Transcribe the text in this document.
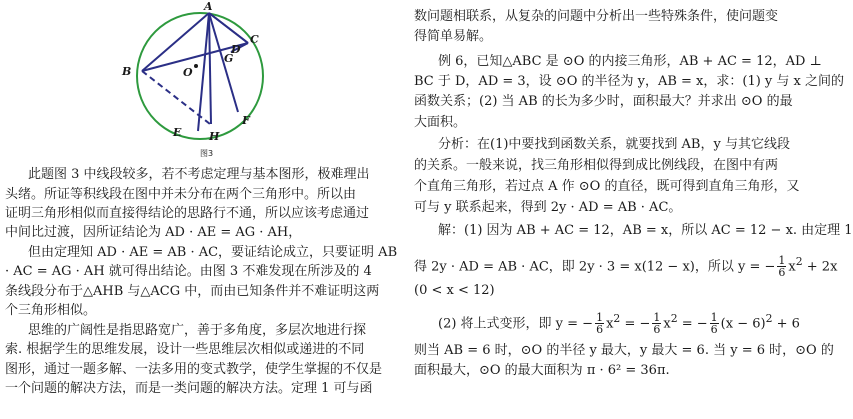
A
B
C
D
O
G
E	H
F
图3
此题图 3 中线段较多，若不考虑定理与基本图形，极难理出
头绪。所证等积线段在图中并未分布在两个三角形中。所以由
证明三角形相似而直接得结论的思路行不通，所以应该考虑通过
中间比过渡，因所证结论为 AD · AE = AG · AH，
但由定理知 AD · AE = AB · AC，要证结论成立，只要证明 AB
· AC = AG · AH 就可得出结论。由图 3 不难发现在所涉及的 4
条线段分布于△AHB 与△ACG 中，而由已知条件并不难证明这两
个三角形相似。
思维的广阔性是指思路宽广，善于多角度，多层次地进行探
索. 根据学生的思维发展，设计一些思维层次相似或递进的不同
图形，通过一题多解、一法多用的变式教学，使学生掌握的不仅是
一个问题的解决方法，而是一类问题的解决方法。定理 1 可与函
数问题相联系，从复杂的问题中分析出一些特殊条件，使问题变
得简单易解。
例 6，已知△ABC 是 ⊙O 的内接三角形，AB + AC = 12，AD ⊥
BC 于 D，AD = 3，设 ⊙O 的半径为 y，AB = x，求：(1) y 与 x 之间的
函数关系；(2) 当 AB 的长为多少时，面积最大？并求出 ⊙O 的最
大面积。
分析：在(1)中要找到函数关系，就要找到 AB，y 与其它线段
的关系。一般来说，找三角形相似得到成比例线段，在图中有两
个直角三角形，若过点 A 作 ⊙O 的直径，既可得到直角三角形，又
可与 y 联系起来，得到 2y · AD = AB · AC。
解：(1) 因为 AB + AC = 12，AB = x，所以 AC = 12 − x. 由定理 1
得 2y · AD = AB · AC，即 2y · 3 = x(12 − x)，所以 y = − $\frac{1}{6} x^2 + 2x$
(0 < x < 12)
(2) 将上式变形，即 y = − $\frac{1}{6} x^2$ = − $\frac{1}{6} x^2$ = − $\frac{1}{6} (x - 6)^2 + 6$
则当 AB = 6 时，⊙O 的半径 y 最大，y 最大 = 6. 当 y = 6 时，⊙O 的
面积最大，⊙O 的最大面积为 π · 6² = 36π.
